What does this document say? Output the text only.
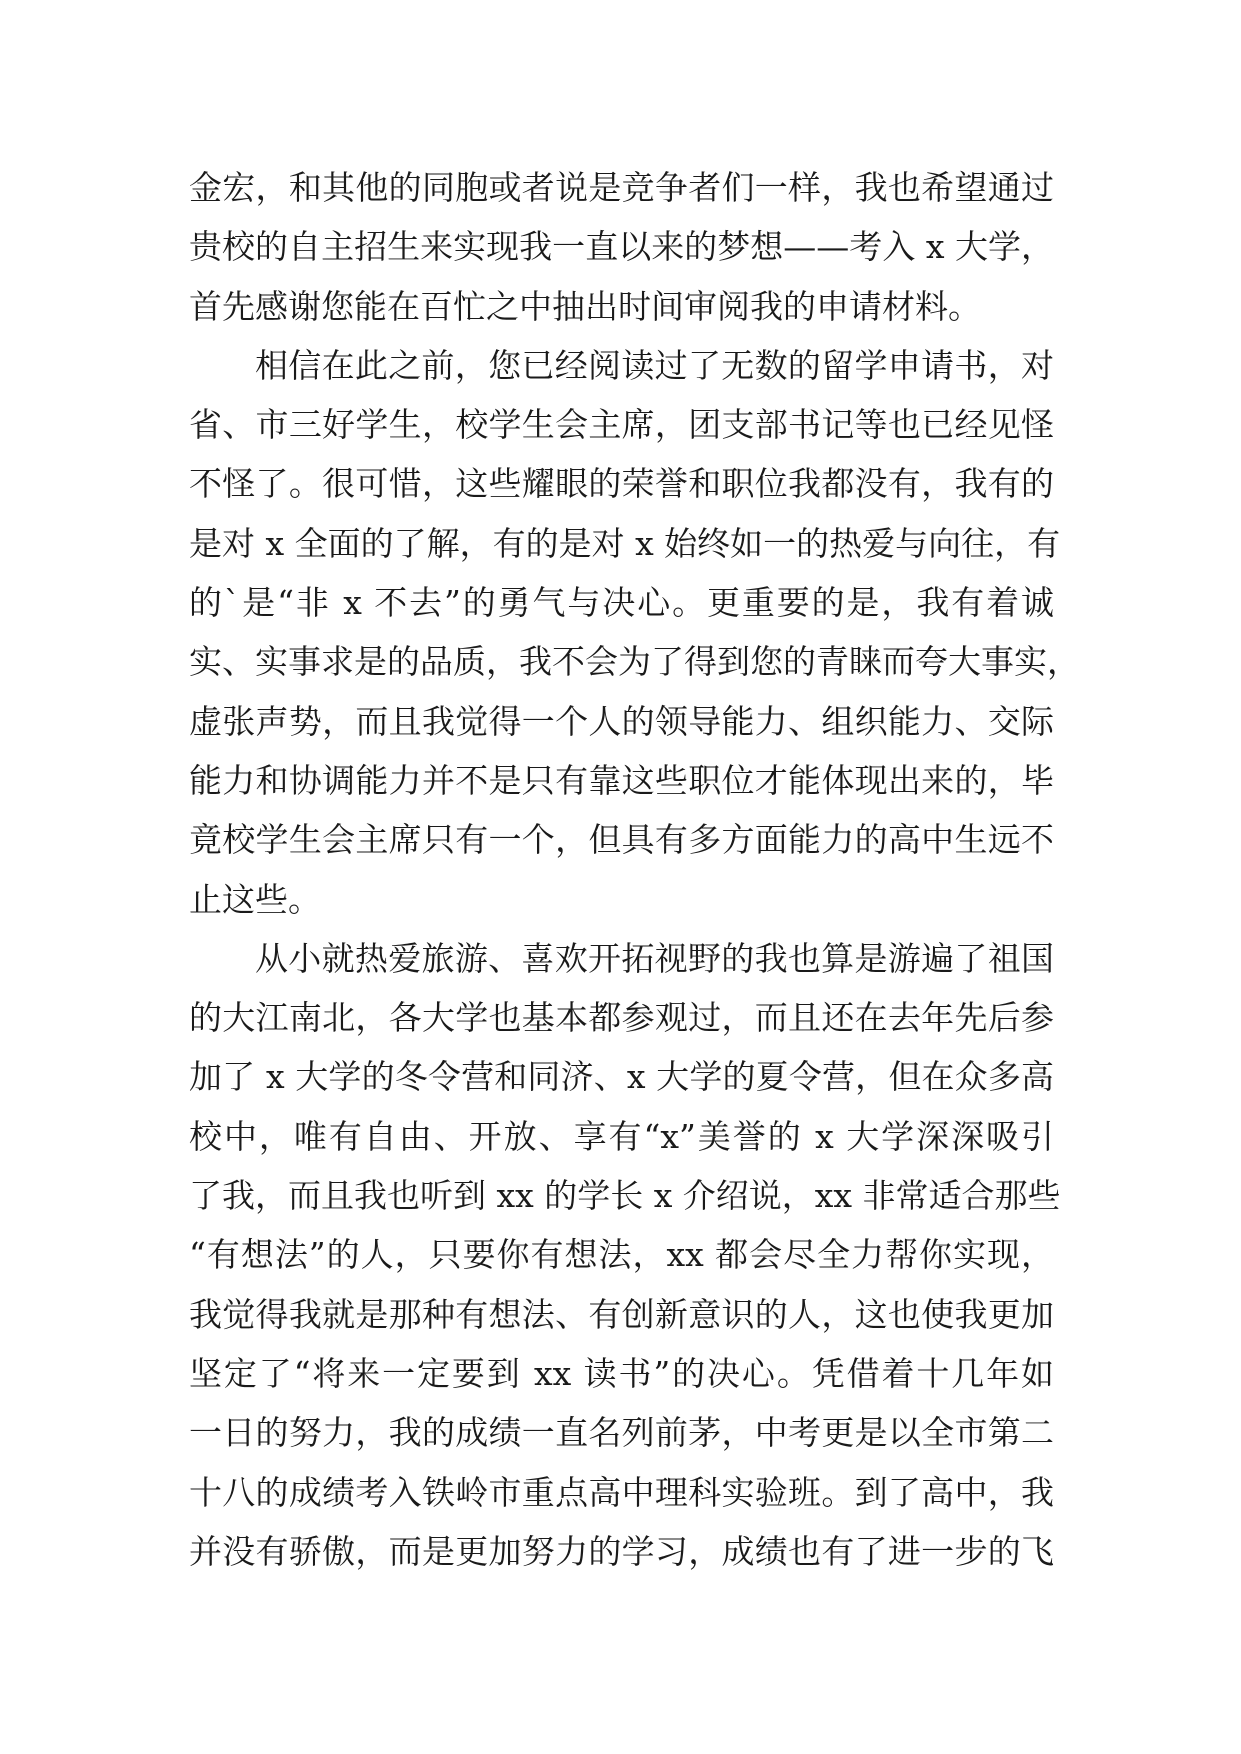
金宏，和其他的同胞或者说是竞争者们一样，我也希望通过
贵校的自主招生来实现我一直以来的梦想——考入 x 大学，
首先感谢您能在百忙之中抽出时间审阅我的申请材料。
相信在此之前，您已经阅读过了无数的留学申请书，对
省、市三好学生，校学生会主席，团支部书记等也已经见怪
不怪了。很可惜，这些耀眼的荣誉和职位我都没有，我有的
是对 x 全面的了解，有的是对 x 始终如一的热爱与向往，有
的`是“非 x 不去”的勇气与决心。更重要的是，我有着诚
实、实事求是的品质，我不会为了得到您的青睐而夸大事实，
虚张声势，而且我觉得一个人的领导能力、组织能力、交际
能力和协调能力并不是只有靠这些职位才能体现出来的，毕
竟校学生会主席只有一个，但具有多方面能力的高中生远不
止这些。
从小就热爱旅游、喜欢开拓视野的我也算是游遍了祖国
的大江南北，各大学也基本都参观过，而且还在去年先后参
加了 x 大学的冬令营和同济、x 大学的夏令营，但在众多高
校中，唯有自由、开放、享有“x”美誉的 x 大学深深吸引
了我，而且我也听到 xx 的学长 x 介绍说，xx 非常适合那些
“有想法”的人，只要你有想法，xx 都会尽全力帮你实现，
我觉得我就是那种有想法、有创新意识的人，这也使我更加
坚定了“将来一定要到 xx 读书”的决心。凭借着十几年如
一日的努力，我的成绩一直名列前茅，中考更是以全市第二
十八的成绩考入铁岭市重点高中理科实验班。到了高中，我
并没有骄傲，而是更加努力的学习，成绩也有了进一步的飞
